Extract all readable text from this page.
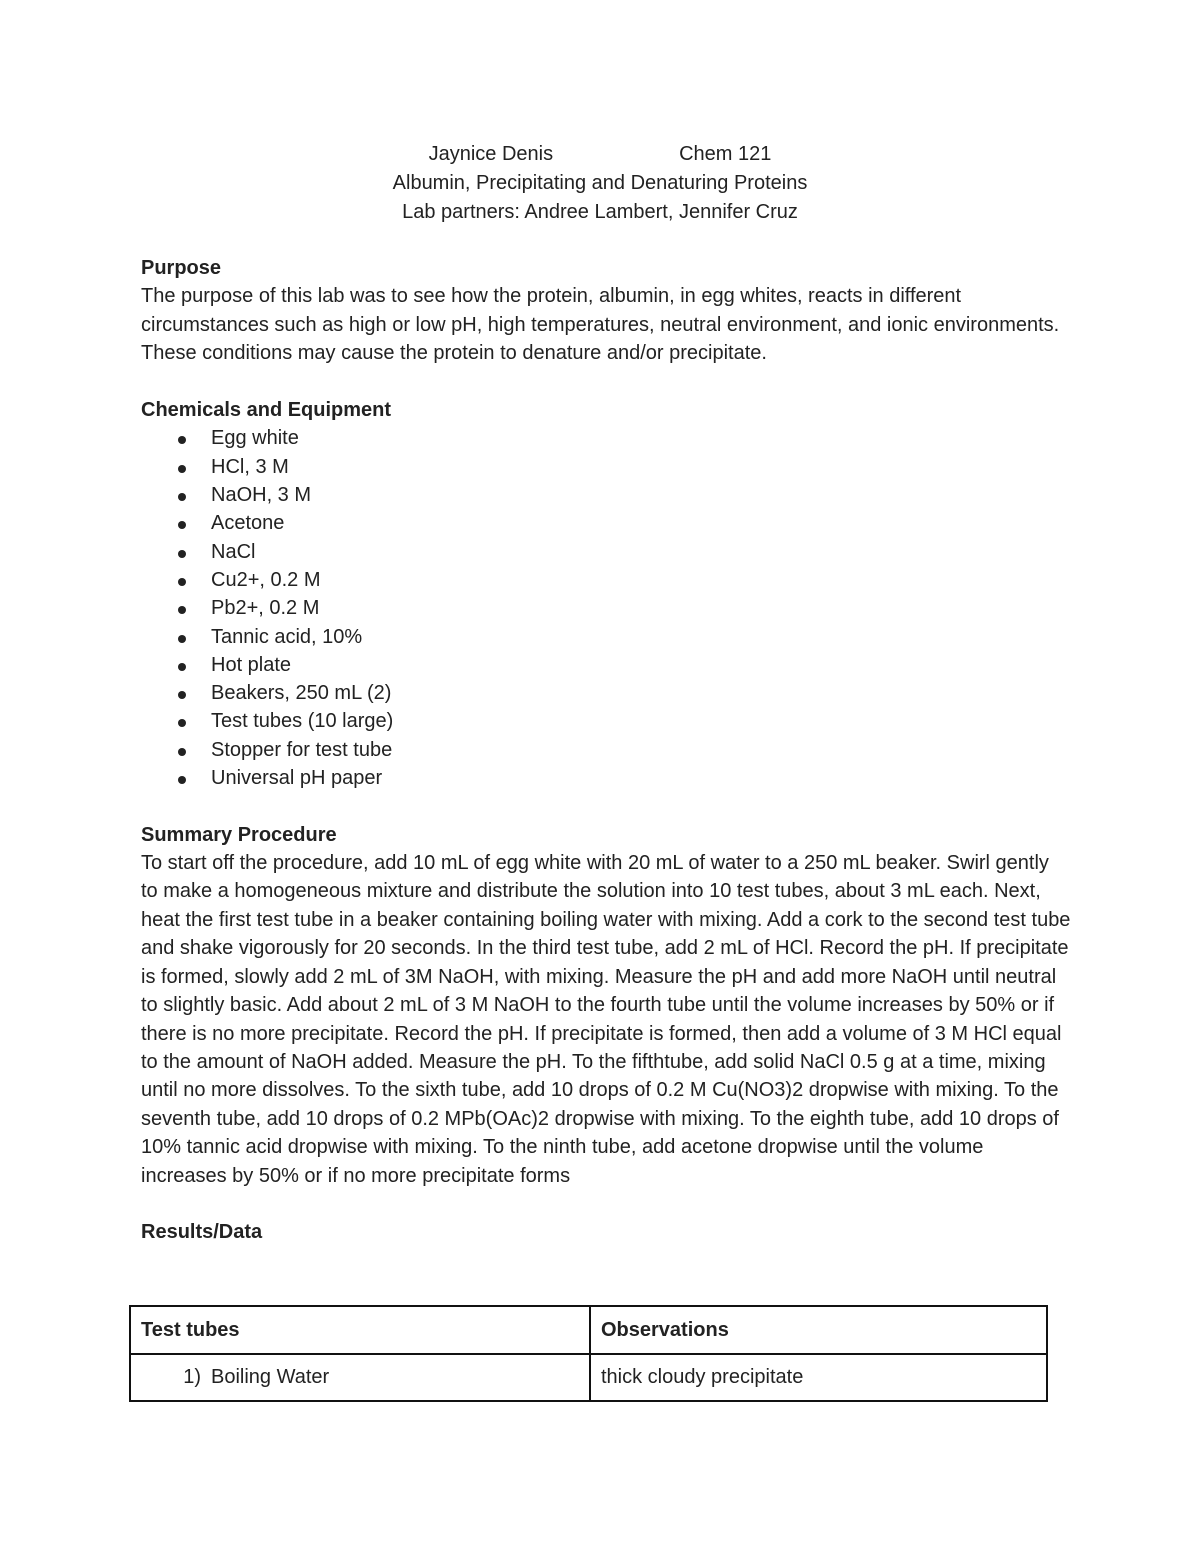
Jaynice Denis	Chem 121
Albumin, Precipitating and Denaturing Proteins
Lab partners: Andree Lambert, Jennifer Cruz
Purpose

The purpose of this lab was to see how the protein, albumin, in egg whites, reacts in different circumstances such as high or low pH, high temperatures, neutral environment, and ionic environments. These conditions may cause the protein to denature and/or precipitate.

Chemicals and Equipment
Egg white
HCl, 3 M
NaOH, 3 M
Acetone
NaCl
Cu2+, 0.2 M
Pb2+, 0.2 M
Tannic acid, 10%
Hot plate
Beakers, 250 mL (2)
Test tubes (10 large)
Stopper for test tube
Universal pH paper
Summary Procedure

To start off the procedure, add 10 mL of egg white with 20 mL of water to a 250 mL beaker. Swirl gently to make a homogeneous mixture and distribute the solution into 10 test tubes, about 3 mL each. Next, heat the first test tube in a beaker containing boiling water with mixing. Add a cork to the second test tube and shake vigorously for 20 seconds. In the third test tube, add 2 mL of HCl. Record the pH. If precipitate is formed, slowly add 2 mL of 3M NaOH, with mixing. Measure the pH and add more NaOH until neutral to slightly basic. Add about 2 mL of 3 M NaOH to the fourth tube until the volume increases by 50% or if there is no more precipitate. Record the pH. If precipitate is formed, then add a volume of 3 M HCl equal to the amount of NaOH added. Measure the pH. To the fifthtube, add solid NaCl 0.5 g at a time, mixing until no more dissolves. To the sixth tube, add 10 drops of 0.2 M Cu(NO3)2 dropwise with mixing. To the seventh tube, add 10 drops of 0.2 MPb(OAc)2 dropwise with mixing. To the eighth tube, add 10 drops of 10% tannic acid dropwise with mixing. To the ninth tube, add acetone dropwise until the volume increases by 50% or if no more precipitate forms

Results/Data
Test tubes	Observations
1) Boiling Water	thick cloudy precipitate
